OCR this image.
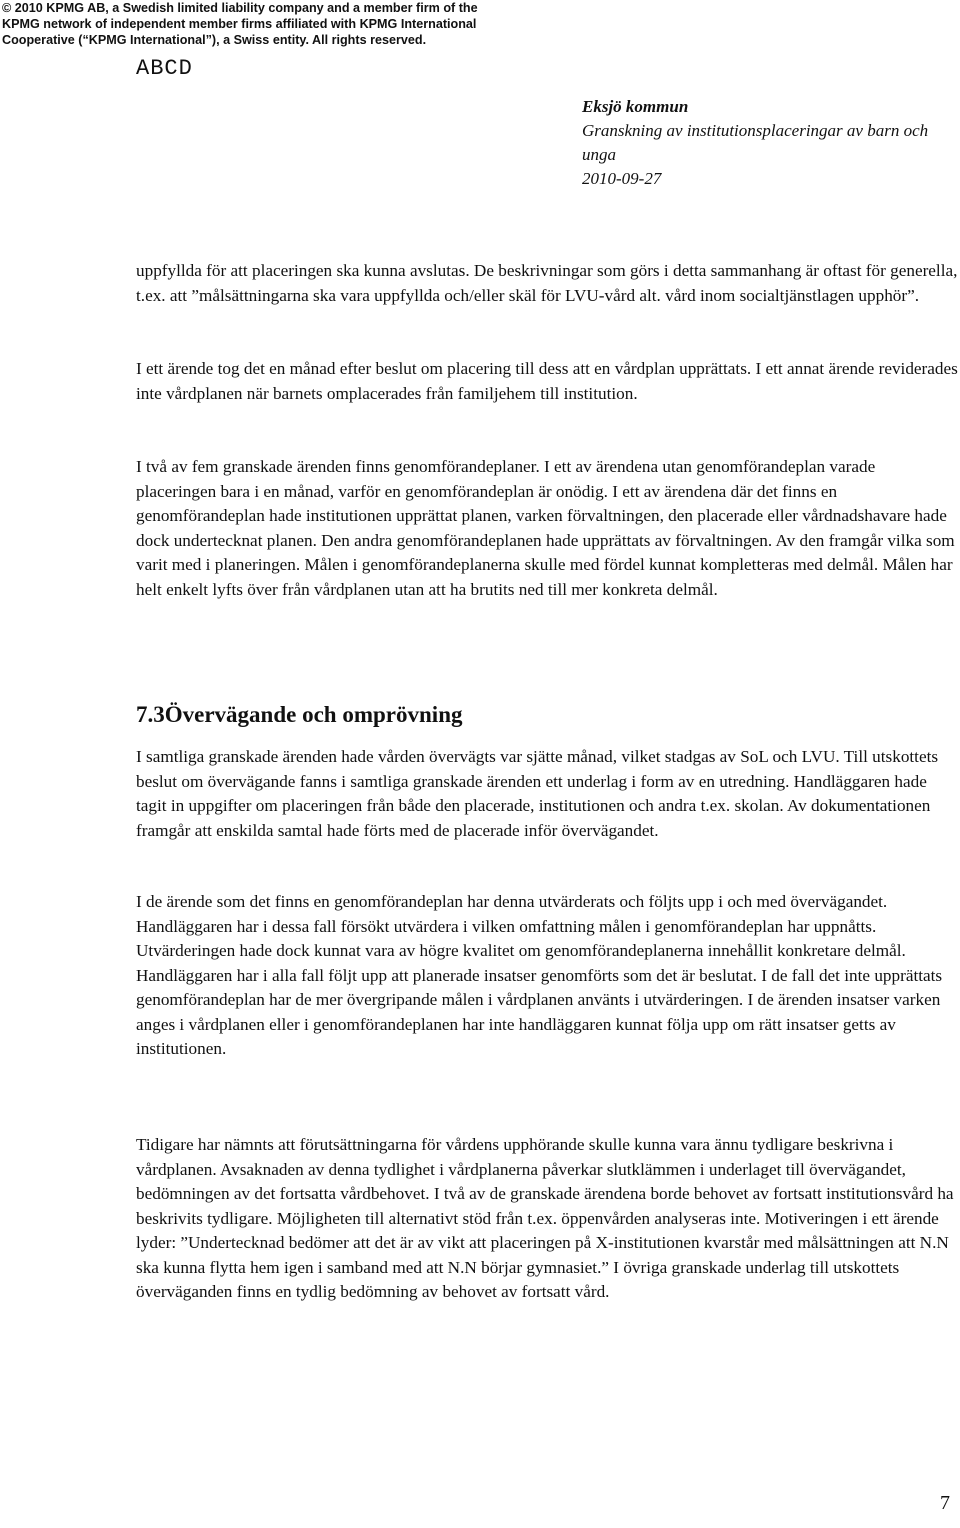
© 2010 KPMG AB, a Swedish limited liability company and a member firm of the
KPMG network of independent member firms affiliated with KPMG International
Cooperative (“KPMG International”), a Swiss entity. All rights reserved.
ABCD
Eksjö kommun
Granskning av institutionsplaceringar av barn och unga
2010-09-27

uppfyllda för att placeringen ska kunna avslutas. De beskrivningar som görs i detta sammanhang är oftast för generella, t.ex. att ”målsättningarna ska vara uppfyllda och/eller skäl för LVU-vård alt. vård inom socialtjänstlagen upphör”.

I ett ärende tog det en månad efter beslut om placering till dess att en vårdplan upprättats. I ett annat ärende reviderades inte vårdplanen när barnets omplacerades från familjehem till institution.

I två av fem granskade ärenden finns genomförandeplaner. I ett av ärendena utan genomförandeplan varade placeringen bara i en månad, varför en genomförandeplan är onödig. I ett av ärendena där det finns en genomförandeplan hade institutionen upprättat planen, varken förvaltningen, den placerade eller vårdnadshavare hade dock undertecknat planen. Den andra genomförandeplanen hade upprättats av förvaltningen. Av den framgår vilka som varit med i planeringen. Målen i genomförandeplanerna skulle med fördel kunnat kompletteras med delmål. Målen har helt enkelt lyfts över från vårdplanen utan att ha brutits ned till mer konkreta delmål.

7.3Övervägande och omprövning

I samtliga granskade ärenden hade vården övervägts var sjätte månad, vilket stadgas av SoL och LVU. Till utskottets beslut om övervägande fanns i samtliga granskade ärenden ett underlag i form av en utredning. Handläggaren hade tagit in uppgifter om placeringen från både den placerade, institutionen och andra t.ex. skolan. Av dokumentationen framgår att enskilda samtal hade förts med de placerade inför övervägandet.

I de ärende som det finns en genomförandeplan har denna utvärderats och följts upp i och med övervägandet. Handläggaren har i dessa fall försökt utvärdera i vilken omfattning målen i genomförandeplan har uppnåtts. Utvärderingen hade dock kunnat vara av högre kvalitet om genomförandeplanerna innehållit konkretare delmål. Handläggaren har i alla fall följt upp att planerade insatser genomförts som det är beslutat. I de fall det inte upprättats genomförandeplan har de mer övergripande målen i vårdplanen använts i utvärderingen. I de ärenden insatser varken anges i vårdplanen eller i genomförandeplanen har inte handläggaren kunnat följa upp om rätt insatser getts av institutionen.

Tidigare har nämnts att förutsättningarna för vårdens upphörande skulle kunna vara ännu tydligare beskrivna i vårdplanen. Avsaknaden av denna tydlighet i vårdplanerna påverkar slutklämmen i underlaget till övervägandet, bedömningen av det fortsatta vårdbehovet. I två av de granskade ärendena borde behovet av fortsatt institutionsvård ha beskrivits tydligare. Möjligheten till alternativt stöd från t.ex. öppenvården analyseras inte. Motiveringen i ett ärende lyder: ”Undertecknad bedömer att det är av vikt att placeringen på X-institutionen kvarstår med målsättningen att N.N ska kunna flytta hem igen i samband med att N.N börjar gymnasiet.” I övriga granskade underlag till utskottets överväganden finns en tydlig bedömning av behovet av fortsatt vård.

7
